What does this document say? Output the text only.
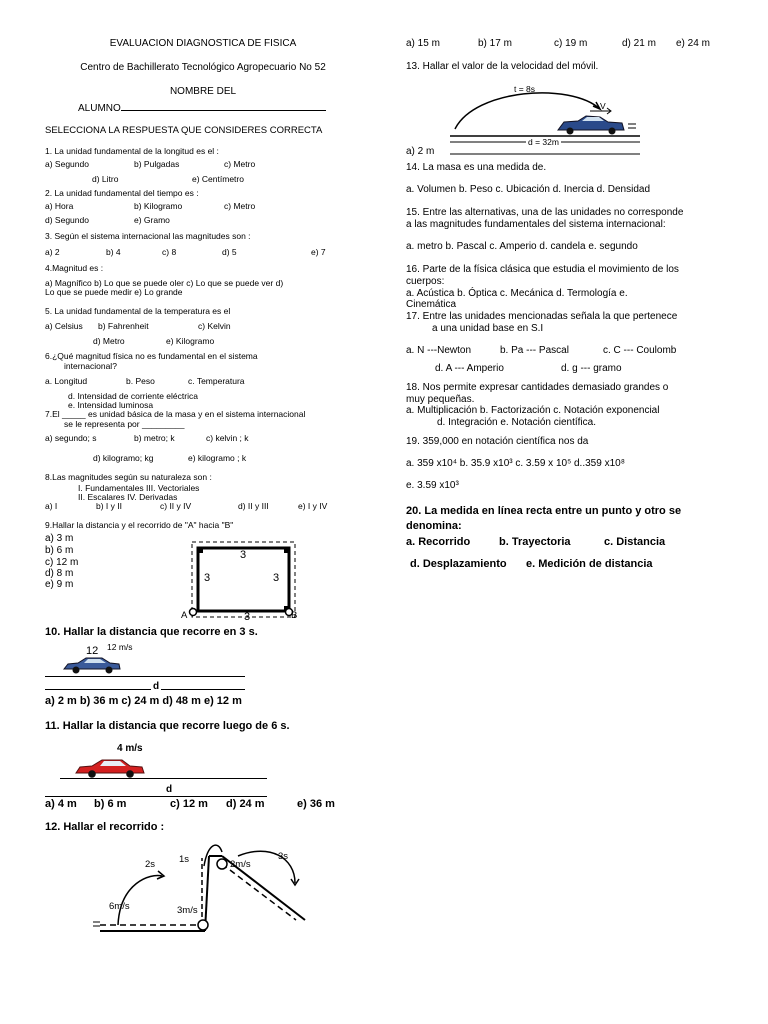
EVALUACION DIAGNOSTICA DE FISICA
Centro de Bachillerato Tecnológico Agropecuario No 52
NOMBRE DEL
ALUMNO
SELECCIONA LA RESPUESTA QUE CONSIDERES CORRECTA
1. La unidad fundamental de la longitud es el :
a) Segundo	b) Pulgadas	c) Metro
d) Litro	e) Centímetro
2. La unidad fundamental del tiempo es :
a) Hora	b) Kilogramo	c) Metro
d) Segundo	e) Gramo
3. Según el sistema internacional las magnitudes son :
a) 2	b) 4	c) 8	d) 5	e) 7
4.Magnitud es :
a) Magnífico b) Lo que se puede oler c) Lo que se puede ver d)
Lo que se puede medir e) Lo grande
5. La unidad fundamental de la temperatura es el
a) Celsius b) Fahrenheit	c) Kelvin
d) Metro	e) Kilogramo
6.¿Qué magnitud física no es fundamental en el sistema
internacional?
a. Longitud	b. Peso	c. Temperatura
d. Intensidad de corriente eléctrica
e. Intensidad luminosa
7.El _____ es unidad básica de la masa y en el sistema internacional
se le representa por _________
a) segundo; s	b) metro; k	c) kelvin ; k
d) kilogramo; kg	e) kilogramo ; k
8.Las magnitudes según su naturaleza son :
I. Fundamentales III. Vectoriales
II. Escalares IV. Derivadas
a) I	b) I y II	c) II y IV	d) II y III	e) I y IV
9.Hallar la distancia y el recorrido de "A" hacia "B"
a) 3 m
b) 6 m
c) 12 m
d) 8 m
e) 9 m
3
3	3
3
A	B
10. Hallar la distancia que recorre en 3 s.
12 12 m/s
d
a) 2 m b) 36 m c) 24 m d) 48 m e) 12 m
11. Hallar la distancia que recorre luego de 6 s.
4 m/s
d
a) 4 m b) 6 m	c) 12 m d) 24 m	e) 36 m
12. Hallar el recorrido :
2s	1s	2m/s
3s
6m/s	3m/s
a) 15 m	b) 17 m	c) 19 m	d) 21 m e) 24 m
13. Hallar el valor de la velocidad del móvil.
t = 8s
V
d = 32m
a) 2 m
14. La masa es una medida de.
a. Volumen b. Peso c. Ubicación d. Inercia d. Densidad
15. Entre las alternativas, una de las unidades no corresponde
a las magnitudes fundamentales del sistema internacional:
a. metro b. Pascal c. Amperio d. candela e. segundo
16. Parte de la física clásica que estudia el movimiento de los
cuerpos:
a. Acústica b. Óptica c. Mecánica d. Termología e.
Cinemática
17. Entre las unidades mencionadas señala la que pertenece
a una unidad base en S.I
a. N ---Newton	b. Pa --- Pascal	c. C --- Coulomb
d. A --- Amperio	d. g --- gramo
18. Nos permite expresar cantidades demasiado grandes o
muy pequeñas.
a. Multiplicación b. Factorización c. Notación exponencial
d. Integración e. Notación científica.
19. 359,000 en notación científica nos da
a. 359 x10⁴ b. 35.9 x10³ c. 3.59 x 10⁵ d..359 x10⁸
e. 3.59 x10³
20. La medida en línea recta entre un punto y otro se
denomina:
a. Recorrido	b. Trayectoria	c. Distancia
d. Desplazamiento e. Medición de distancia
